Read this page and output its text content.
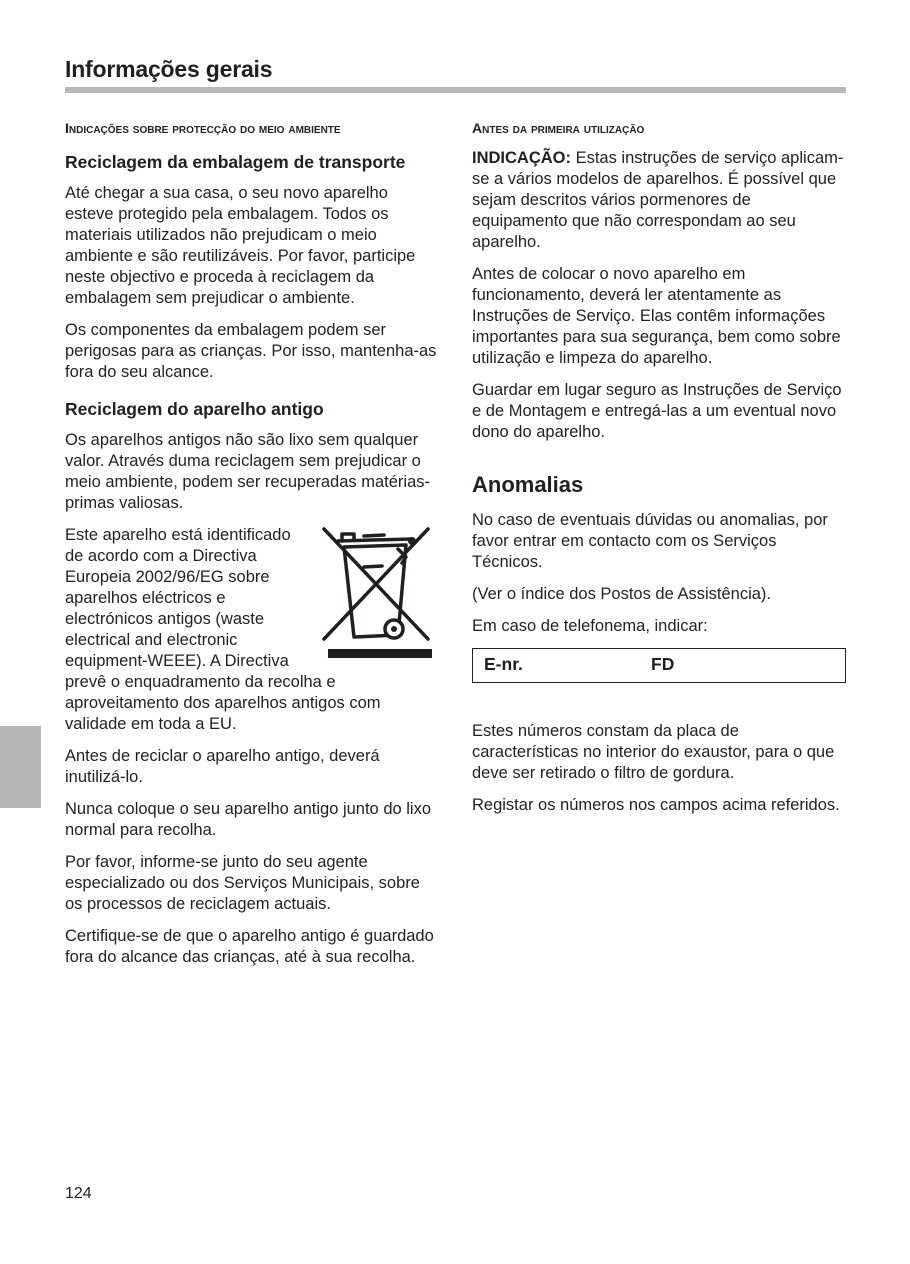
Informações gerais
Indicações sobre protecção do meio ambiente
Reciclagem da embalagem de transporte

Até chegar a sua casa, o seu novo aparelho esteve protegido pela embalagem. Todos os materiais utilizados não prejudicam o meio ambiente e são reutilizáveis. Por favor, participe neste objectivo e proceda à reciclagem da embalagem sem prejudicar o ambiente.

Os componentes da embalagem podem ser perigosas para as crianças. Por isso, mantenha-as fora do seu alcance.

Reciclagem do aparelho antigo

Os aparelhos antigos não são lixo sem qualquer valor. Através duma reciclagem sem prejudicar o meio ambiente, podem ser recuperadas matérias-primas valiosas.

Este aparelho está identificado de acordo com a Directiva Europeia 2002/96/EG sobre aparelhos eléctricos e electrónicos antigos (waste electrical and electronic equipment-WEEE). A Directiva prevê o enquadramento da recolha e aproveitamento dos aparelhos antigos com validade em toda a EU.

Antes de reciclar o aparelho antigo, deverá inutilizá-lo.

Nunca coloque o seu aparelho antigo junto do lixo normal para recolha.

Por favor, informe-se junto do seu agente especializado ou dos Serviços Municipais, sobre os processos de reciclagem actuais.

Certifique-se de que o aparelho antigo é guardado fora do alcance das crianças, até à sua recolha.

Antes da primeira utilização

INDICAÇÃO: Estas instruções de serviço aplicam-se a vários modelos de aparelhos. É possível que sejam descritos vários pormenores de equipamento que não correspondam ao seu aparelho.

Antes de colocar o novo aparelho em funcionamento, deverá ler atentamente as Instruções de Serviço. Elas contêm informações importantes para sua segurança, bem como sobre utilização e limpeza do aparelho.

Guardar em lugar seguro as Instruções de Serviço e de Montagem e entregá-las a um eventual novo dono do aparelho.

Anomalias

No caso de eventuais dúvidas ou anomalias, por favor entrar em contacto com os Serviços Técnicos.

(Ver o índice dos Postos de Assistência).

Em caso de telefonema, indicar:

E-nr.	FD

Estes números constam da placa de características no interior do exaustor, para o que deve ser retirado o filtro de gordura.

Registar os números nos campos acima referidos.

124
